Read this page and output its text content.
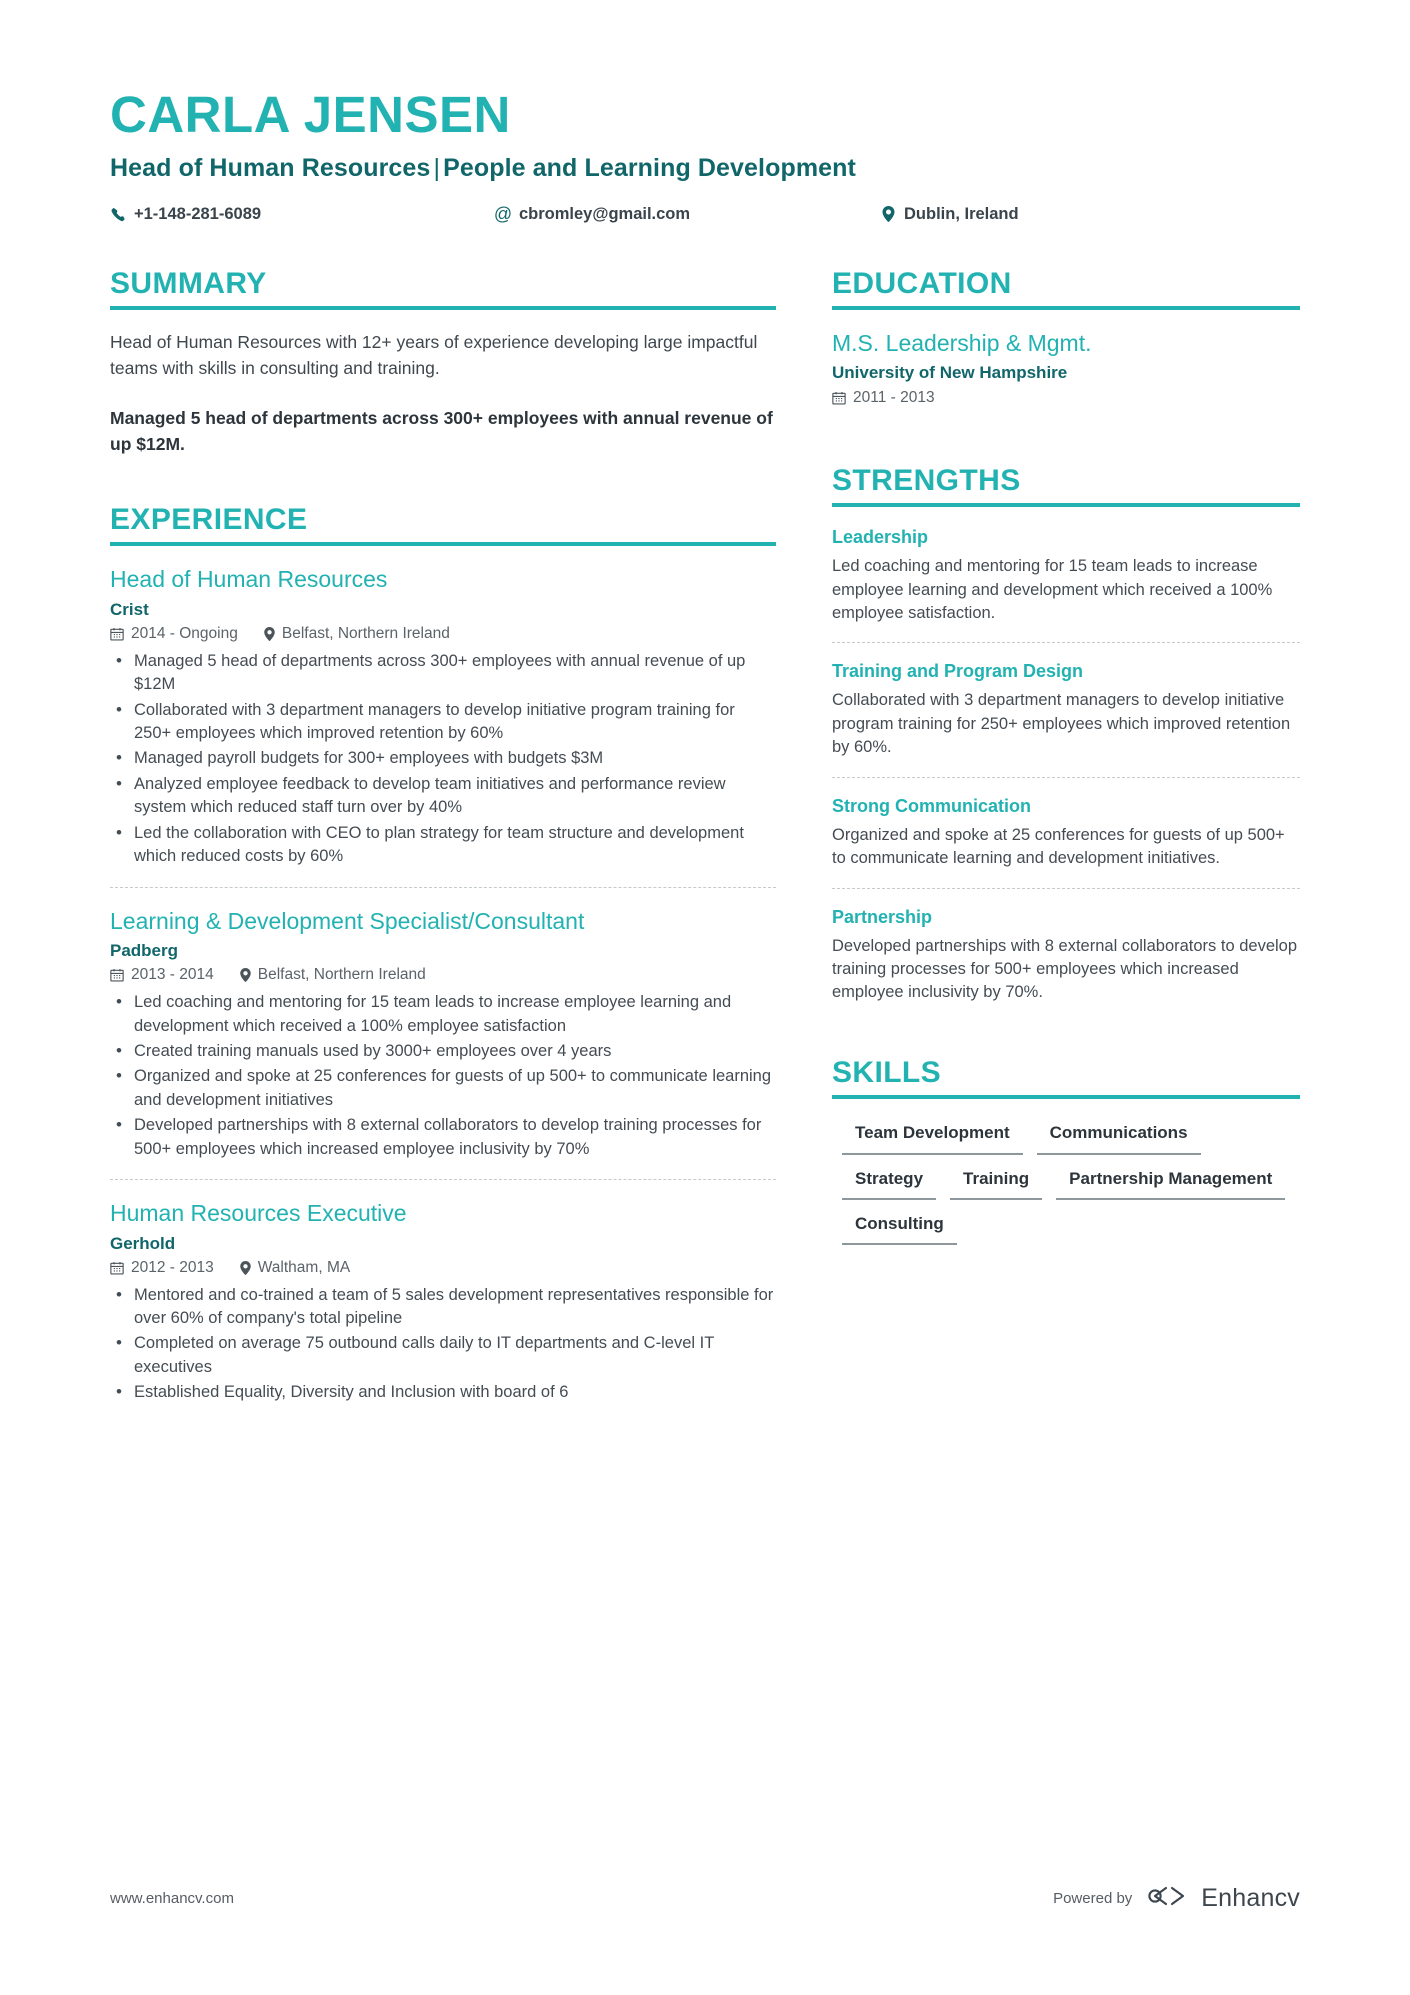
CARLA JENSEN
Head of Human Resources | People and Learning Development
+1-148-281-6089	@ cbromley@gmail.com	Dublin, Ireland
SUMMARY

Head of Human Resources with 12+ years of experience developing large impactful teams with skills in consulting and training.

Managed 5 head of departments across 300+ employees with annual revenue of up $12M.

EXPERIENCE
Head of Human Resources
Crist
2014 - Ongoing	Belfast, Northern Ireland
• Managed 5 head of departments across 300+ employees with annual revenue of up $12M
• Collaborated with 3 department managers to develop initiative program training for 250+ employees which improved retention by 60%
• Managed payroll budgets for 300+ employees with budgets $3M
• Analyzed employee feedback to develop team initiatives and performance review system which reduced staff turn over by 40%
• Led the collaboration with CEO to plan strategy for team structure and development which reduced costs by 60%
Learning & Development Specialist/Consultant
Padberg
2013 - 2014	Belfast, Northern Ireland
• Led coaching and mentoring for 15 team leads to increase employee learning and development which received a 100% employee satisfaction
• Created training manuals used by 3000+ employees over 4 years
• Organized and spoke at 25 conferences for guests of up 500+ to communicate learning and development initiatives
• Developed partnerships with 8 external collaborators to develop training processes for 500+ employees which increased employee inclusivity by 70%
Human Resources Executive
Gerhold
2012 - 2013	Waltham, MA
• Mentored and co-trained a team of 5 sales development representatives responsible for over 60% of company's total pipeline
• Completed on average 75 outbound calls daily to IT departments and C-level IT executives
• Established Equality, Diversity and Inclusion with board of 6
EDUCATION
M.S. Leadership & Mgmt.
University of New Hampshire
2011 - 2013
STRENGTHS
Leadership

Led coaching and mentoring for 15 team leads to increase employee learning and development which received a 100% employee satisfaction.

Training and Program Design

Collaborated with 3 department managers to develop initiative program training for 250+ employees which improved retention by 60%.

Strong Communication

Organized and spoke at 25 conferences for guests of up 500+ to communicate learning and development initiatives.

Partnership

Developed partnerships with 8 external collaborators to develop training processes for 500+ employees which increased employee inclusivity by 70%.

SKILLS
Team Development	Communications
Strategy	Training	Partnership Management
Consulting
www.enhancv.com	Powered by	Enhancv
